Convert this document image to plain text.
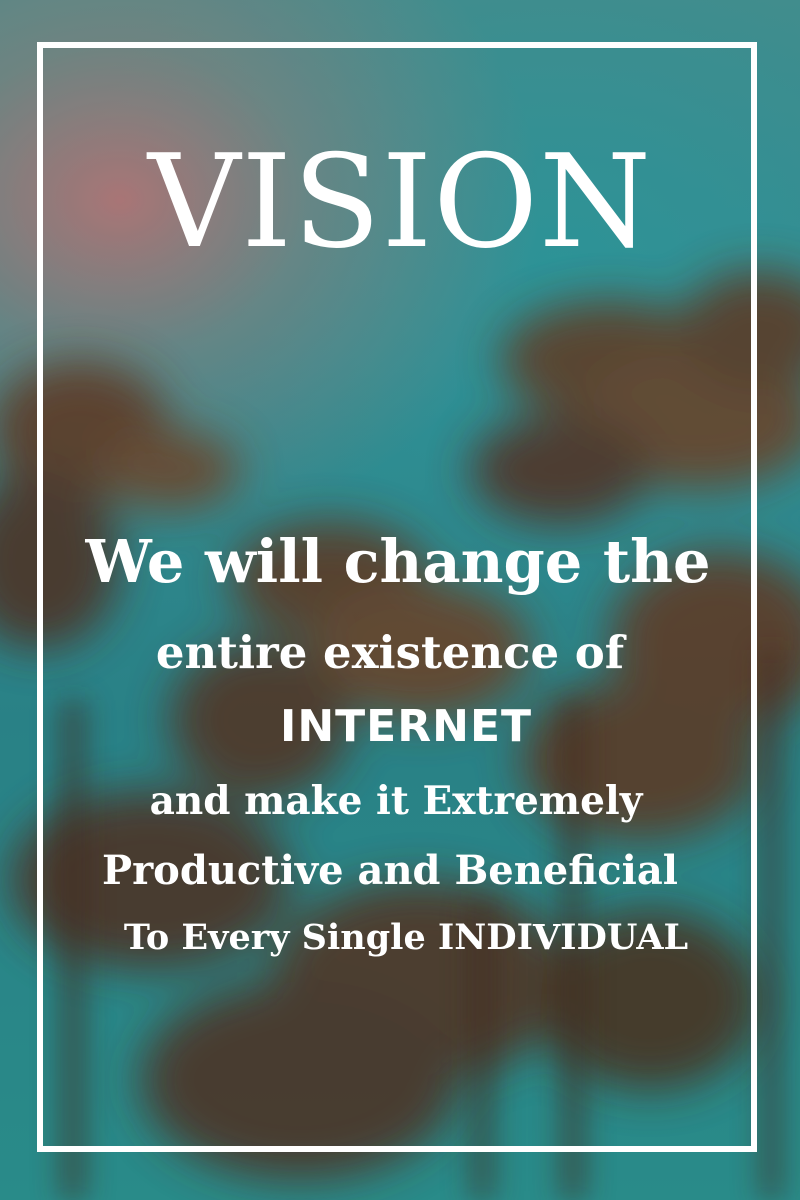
VISION
We will change the
entire existence of
INTERNET
and make it Extremely
Productive and Beneficial
To Every Single INDIVIDUAL
